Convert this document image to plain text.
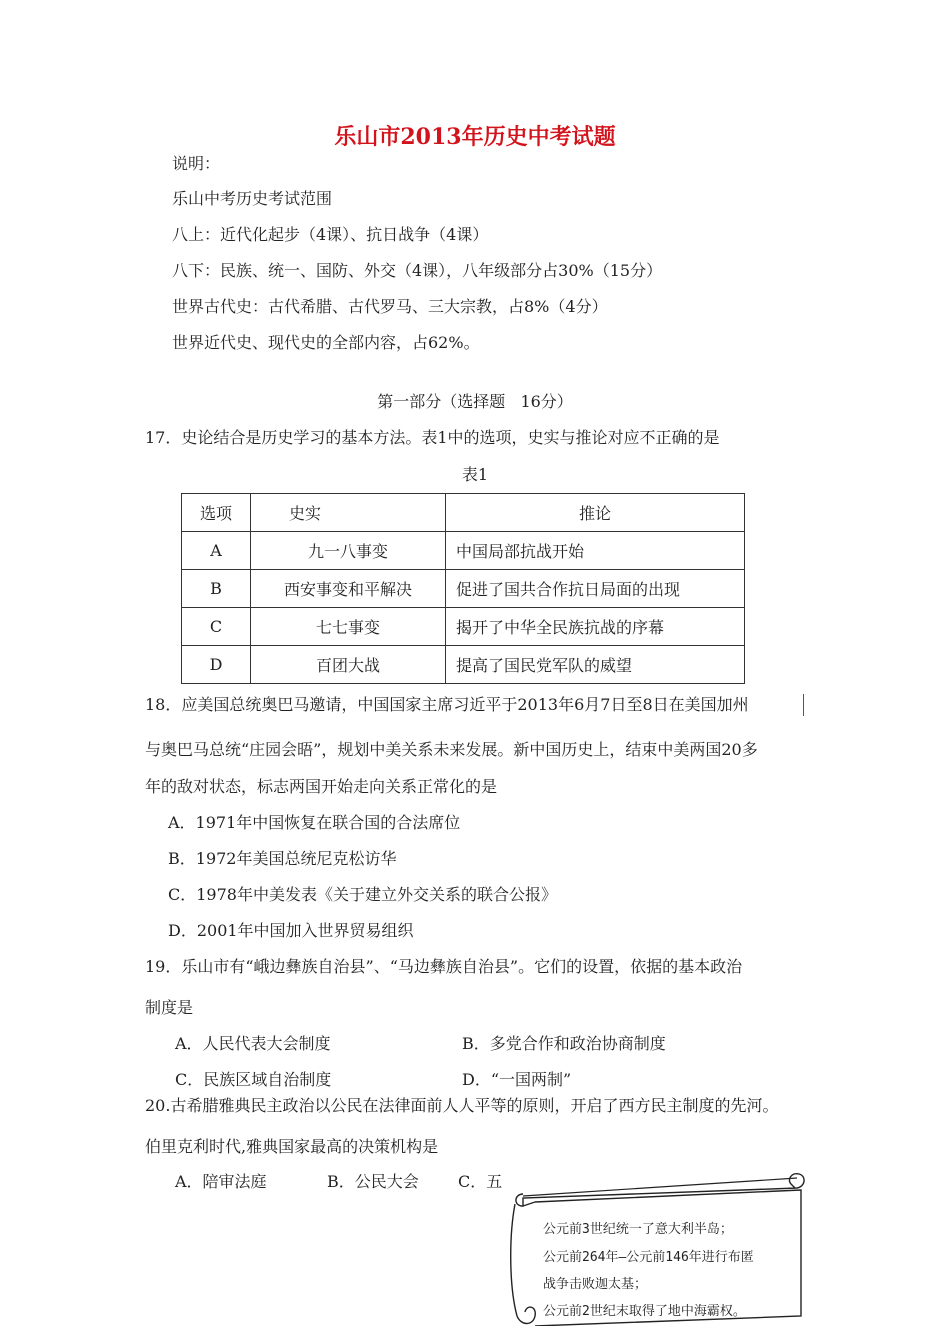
乐山市2013年历史中考试题
说明：
乐山中考历史考试范围
八上：近代化起步（4课）、抗日战争（4课）
八下：民族、统一、国防、外交（4课），八年级部分占30%（15分）
世界古代史：古代希腊、古代罗马、三大宗教，占8%（4分）
世界近代史、现代史的全部内容，占62%。
第一部分（选择题   16分）
17．史论结合是历史学习的基本方法。表1中的选项，史实与推论对应不正确的是
表1
选项	史实	推论
A	九一八事变	中国局部抗战开始
B	西安事变和平解决	促进了国共合作抗日局面的出现
C	七七事变	揭开了中华全民族抗战的序幕
D	百团大战	提高了国民党军队的威望
18．应美国总统奥巴马邀请，中国国家主席习近平于2013年6月7日至8日在美国加州
与奥巴马总统“庄园会晤”，规划中美关系未来发展。新中国历史上，结束中美两国20多
年的敌对状态，标志两国开始走向关系正常化的是
A．1971年中国恢复在联合国的合法席位
B．1972年美国总统尼克松访华
C．1978年中美发表《关于建立外交关系的联合公报》
D．2001年中国加入世界贸易组织
19．乐山市有“峨边彝族自治县”、“马边彝族自治县”。它们的设置，依据的基本政治
制度是
A．人民代表大会制度	B．多党合作和政治协商制度
C．民族区域自治制度	D．“一国两制”
20.古希腊雅典民主政治以公民在法律面前人人平等的原则，开启了西方民主制度的先河。
伯里克利时代,雅典国家最高的决策机构是
A．陪审法庭	B．公民大会 C．五
公元前3世纪统一了意大利半岛；
公元前264年—公元前146年进行布匿
战争击败迦太基；
公元前2世纪末取得了地中海霸权。
